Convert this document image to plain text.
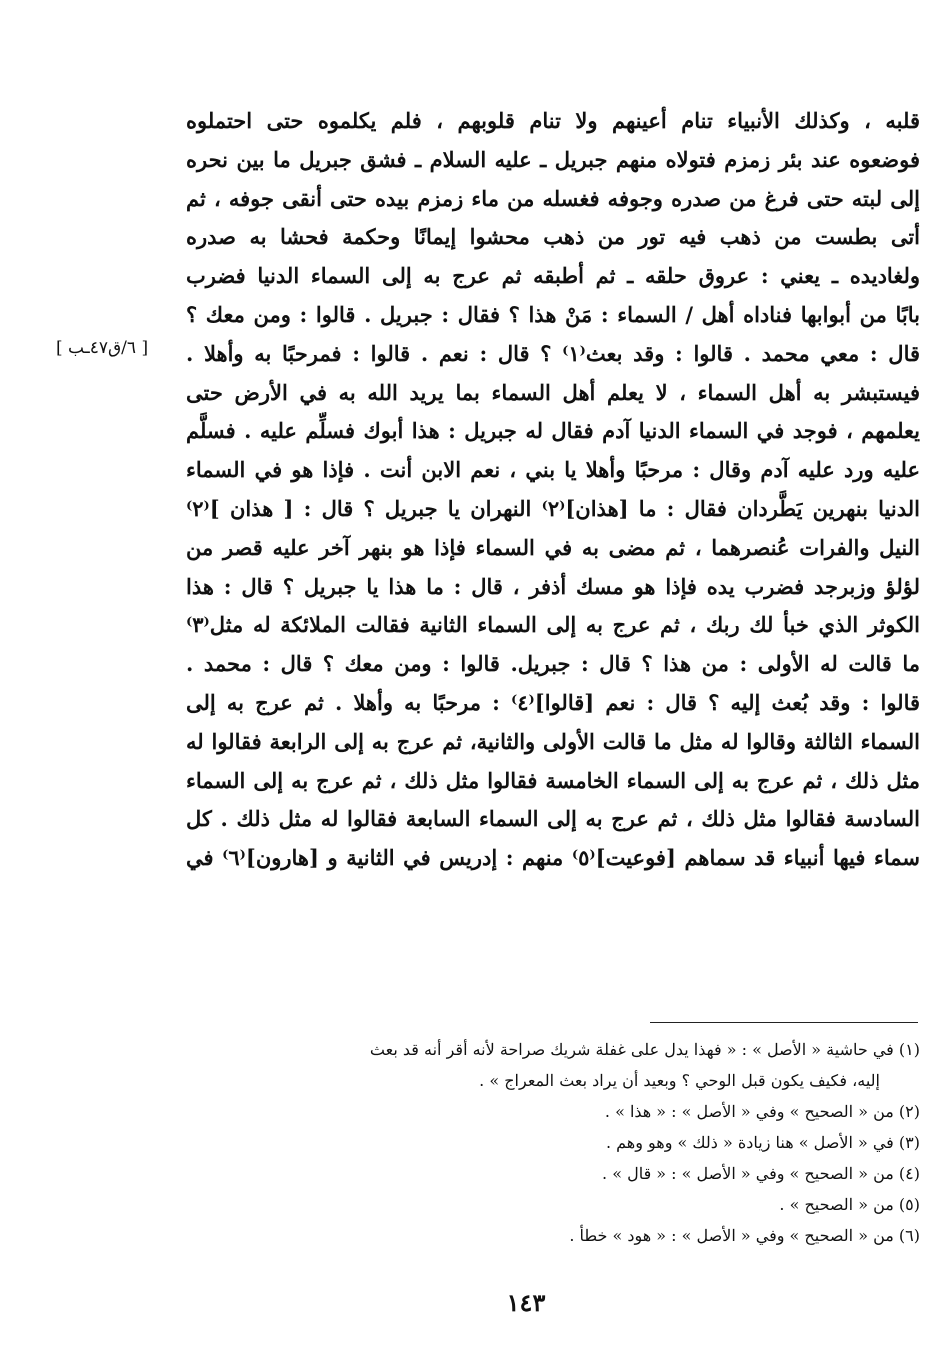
[ ٦/ق٤٧ـب ]
قلبه ، وكذلك الأنبياء تنام أعينهم ولا تنام قلوبهم ، فلم يكلموه حتى احتملوه
فوضعوه عند بئر زمزم فتولاه منهم جبريل ـ عليه السلام ـ فشق جبريل ما بين نحره
إلى لبته حتى فرغ من صدره وجوفه فغسله من ماء زمزم بيده حتى أنقى جوفه ، ثم
أتى بطست من ذهب فيه تور من ذهب محشوا إيمانًا وحكمة فحشا به صدره
ولغاديده ـ يعني : عروق حلقه ـ ثم أطبقه ثم عرج به إلى السماء الدنيا فضرب
بابًا من أبوابها فناداه أهل / السماء : مَنْ هذا ؟ فقال : جبريل . قالوا : ومن معك ؟
قال : معي محمد . قالوا : وقد بعث⁽١⁾ ؟ قال : نعم . قالوا : فمرحبًا به وأهلا .
فيستبشر به أهل السماء ، لا يعلم أهل السماء بما يريد الله به في الأرض حتى
يعلمهم ، فوجد في السماء الدنيا آدم فقال له جبريل : هذا أبوك فسلِّم عليه . فسلَّم
عليه ورد عليه آدم وقال : مرحبًا وأهلا يا بني ، نعم الابن أنت . فإذا هو في السماء
الدنيا بنهرين يَطَّردان فقال : ما [هذان]⁽٢⁾ النهران يا جبريل ؟ قال : [ هذان ]⁽٢⁾
النيل والفرات عُنصرهما ، ثم مضى به في السماء فإذا هو بنهر آخر عليه قصر من
لؤلؤ وزبرجد فضرب يده فإذا هو مسك أذفر ، قال : ما هذا يا جبريل ؟ قال : هذا
الكوثر الذي خبأ لك ربك ، ثم عرج به إلى السماء الثانية فقالت الملائكة له مثل⁽٣⁾
ما قالت له الأولى : من هذا ؟ قال : جبريل. قالوا : ومن معك ؟ قال : محمد .
قالوا : وقد بُعث إليه ؟ قال : نعم [قالوا]⁽٤⁾ : مرحبًا به وأهلا . ثم عرج به إلى
السماء الثالثة وقالوا له مثل ما قالت الأولى والثانية، ثم عرج به إلى الرابعة فقالوا له
مثل ذلك ، ثم عرج به إلى السماء الخامسة فقالوا مثل ذلك ، ثم عرج به إلى السماء
السادسة فقالوا مثل ذلك ، ثم عرج به إلى السماء السابعة فقالوا له مثل ذلك . كل
سماء فيها أنبياء قد سماهم [فوعيت]⁽٥⁾ منهم : إدريس في الثانية و [هارون]⁽٦⁾ في
(١) في حاشية « الأصل » : « فهذا يدل على غفلة شريك صراحة لأنه أقر أنه قد بعث
إليه، فكيف يكون قبل الوحي ؟ وبعيد أن يراد بعث المعراج » .
(٢) من « الصحيح » وفي « الأصل » : « هذا » .
(٣) في « الأصل » هنا زيادة « ذلك » وهو وهم .
(٤) من « الصحيح » وفي « الأصل » : « قال » .
(٥) من « الصحيح » .
(٦) من « الصحيح » وفي « الأصل » : « هود » خطأ .
١٤٣
